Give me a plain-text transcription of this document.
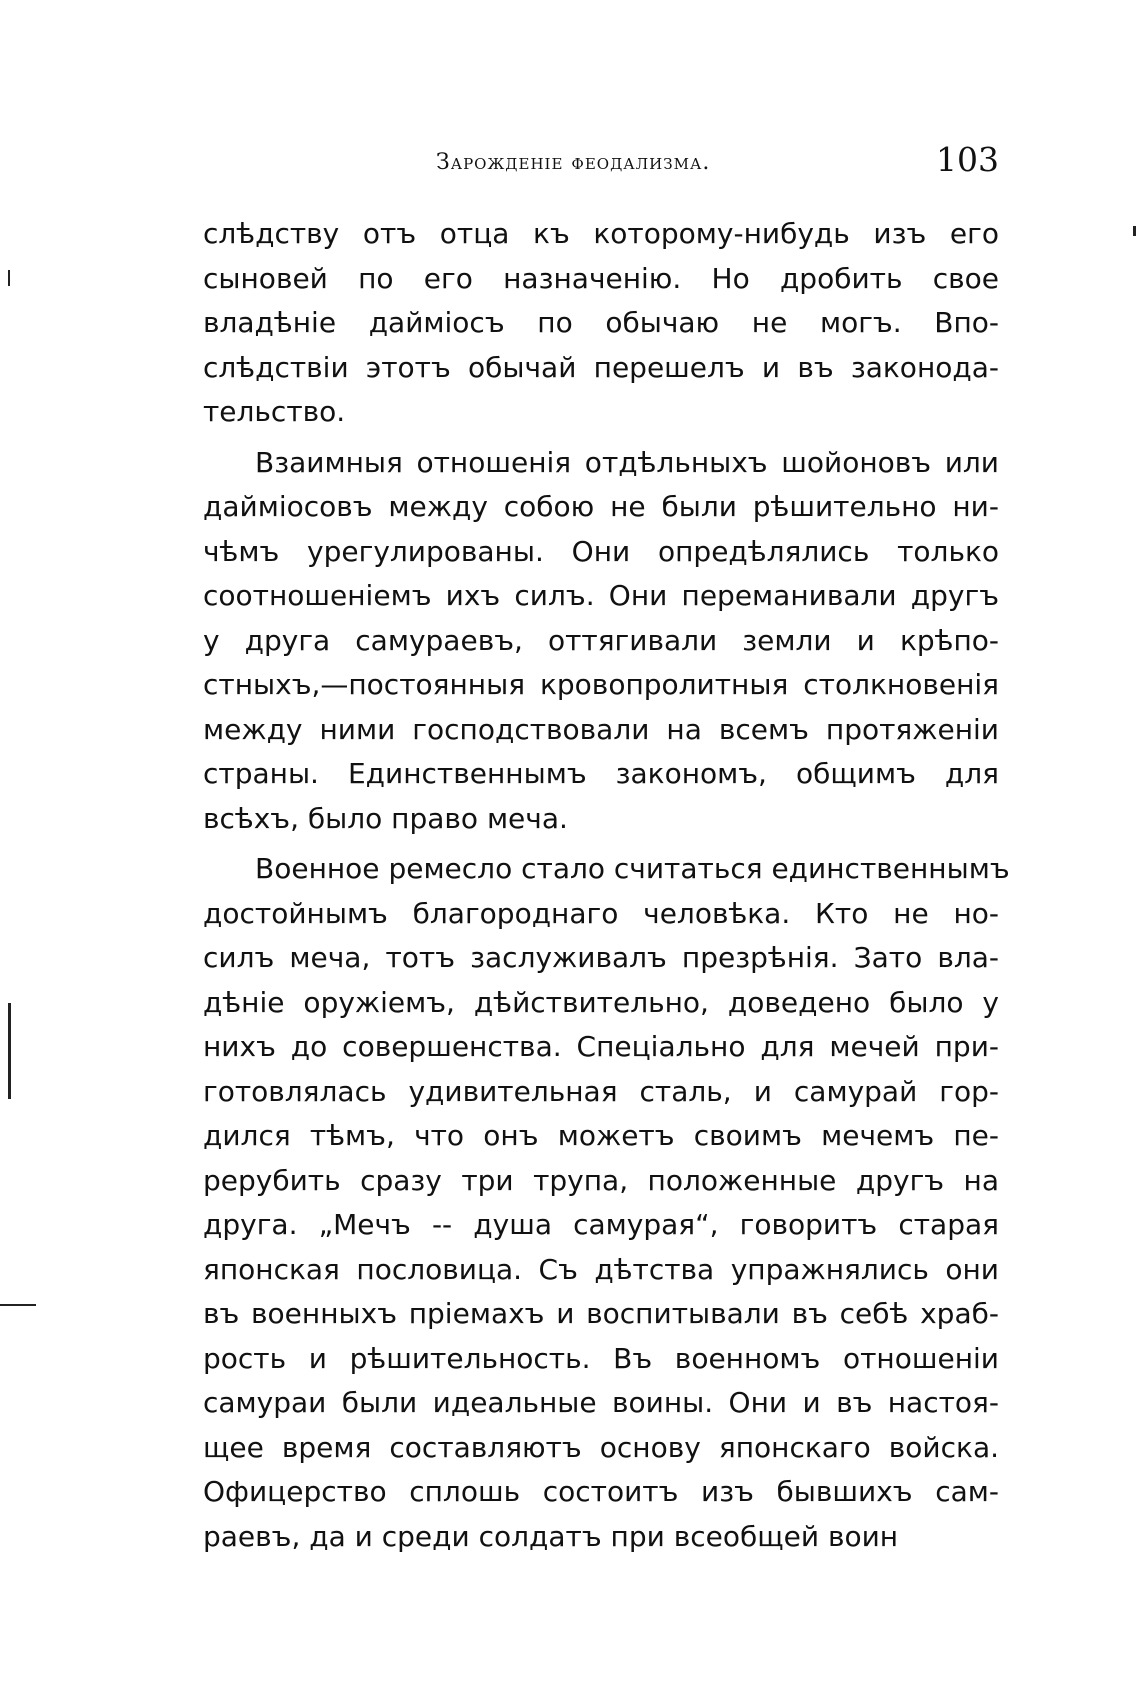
Зарожденіе феодализма.	103
слѣдству отъ отца къ которому-нибудь изъ его
сыновей по его назначенію. Но дробить свое
владѣніе даймiосъ по обычаю не могъ. Впо-
слѣдствіи этотъ обычай перешелъ и въ законода-
тельство.
Взаимныя отношенія отдѣльныхъ шойоновъ или
даймiосовъ между собою не были рѣшительно ни-
чѣмъ урегулированы. Они опредѣлялись только
соотношеніемъ ихъ силъ. Они переманивали другъ
у друга самураевъ, оттягивали земли и крѣпо-
стныхъ,—постоянныя кровопролитныя столкновенія
между ними господствовали на всемъ протяженіи
страны. Единственнымъ закономъ, общимъ для
всѣхъ, было право меча.
Военное ремесло стало считаться единственнымъ
достойнымъ благороднаго человѣка. Кто не но-
силъ меча, тотъ заслуживалъ презрѣнія. Зато вла-
дѣніе оружіемъ, дѣйствительно, доведено было у
нихъ до совершенства. Спеціально для мечей при-
готовлялась удивительная сталь, и самурай гор-
дился тѣмъ, что онъ можетъ своимъ мечемъ пе-
рерубить сразу три трупа, положенные другъ на
друга. „Мечъ -- душа самурая“, говоритъ старая
японская пословица. Съ дѣтства упражнялись они
въ военныхъ пріемахъ и воспитывали въ себѣ храб-
рость и рѣшительность. Въ военномъ отношеніи
самураи были идеальные воины. Они и въ настоя-
щее время составляютъ основу японскаго войска.
Офицерство сплошь состоитъ изъ бывшихъ сам-
раевъ, да и среди солдатъ при всеобщей воин
